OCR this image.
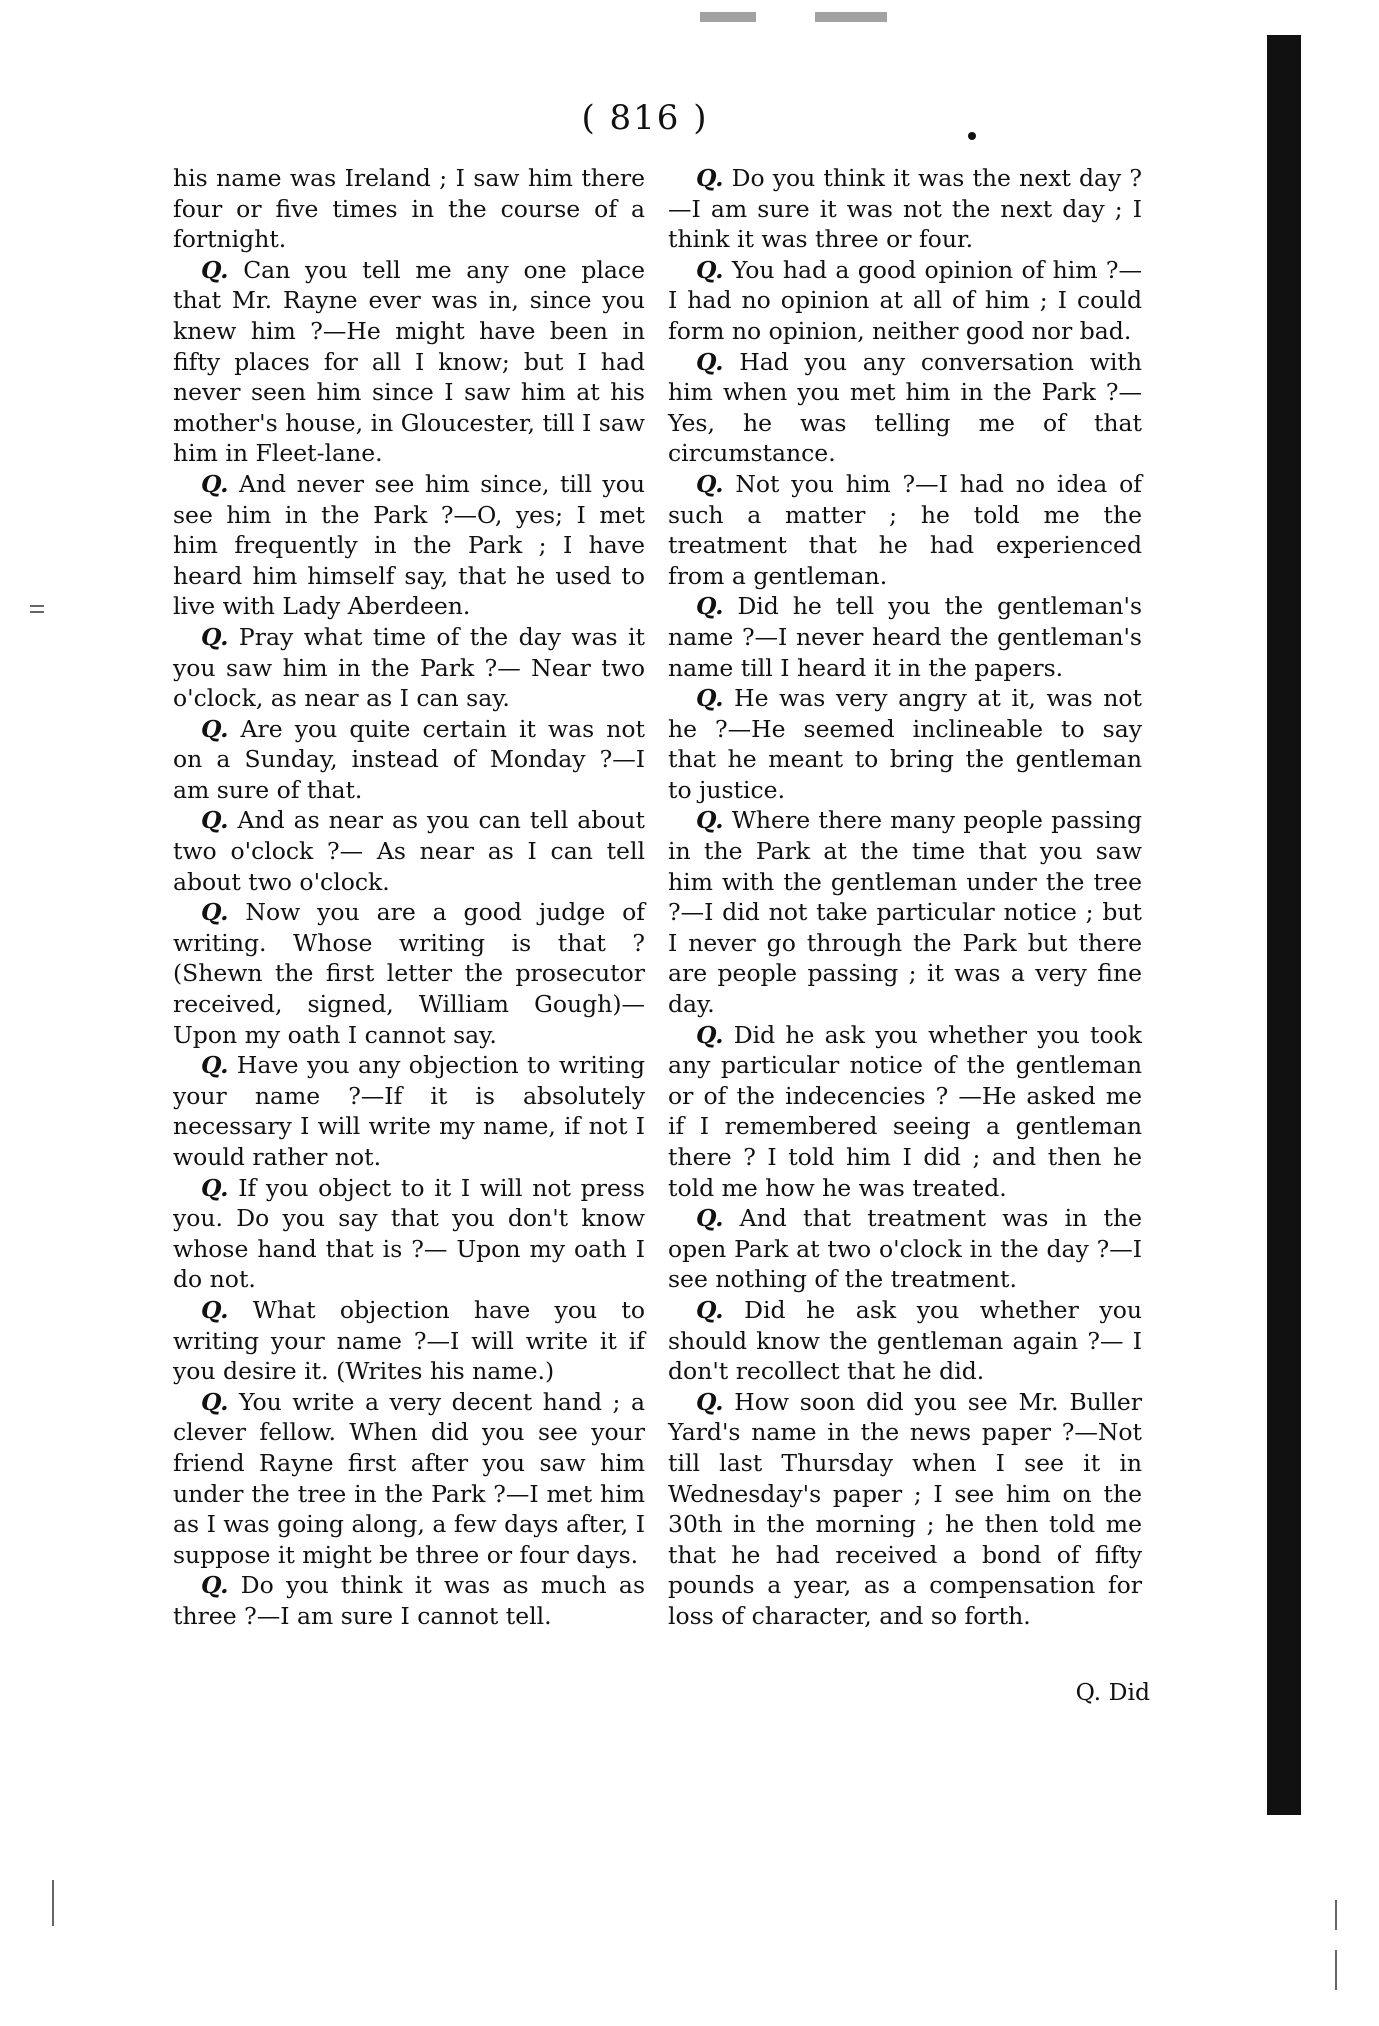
( 816 )

his name was Ireland ; I saw him there four or five times in the course of a fortnight.

Q. Can you tell me any one place that Mr. Rayne ever was in, since you knew him ?—He might have been in fifty places for all I know; but I had never seen him since I saw him at his mother's house, in Gloucester, till I saw him in Fleet-lane.

Q. And never see him since, till you see him in the Park ?—O, yes; I met him frequently in the Park ; I have heard him himself say, that he used to live with Lady Aberdeen.

Q. Pray what time of the day was it you saw him in the Park ?— Near two o'clock, as near as I can say.

Q. Are you quite certain it was not on a Sunday, instead of Monday ?—I am sure of that.

Q. And as near as you can tell about two o'clock ?— As near as I can tell about two o'clock.

Q. Now you are a good judge of writing. Whose writing is that ? (Shewn the first letter the prosecutor received, signed, William Gough)—Upon my oath I cannot say.

Q. Have you any objection to writing your name ?—If it is absolutely necessary I will write my name, if not I would rather not.

Q. If you object to it I will not press you. Do you say that you don't know whose hand that is ?— Upon my oath I do not.

Q. What objection have you to writing your name ?—I will write it if you desire it. (Writes his name.)

Q. You write a very decent hand ; a clever fellow. When did you see your friend Rayne first after you saw him under the tree in the Park ?—I met him as I was going along, a few days after, I suppose it might be three or four days.

Q. Do you think it was as much as three ?—I am sure I cannot tell.

Q. Do you think it was the next day ? —I am sure it was not the next day ; I think it was three or four.

Q. You had a good opinion of him ?— I had no opinion at all of him ; I could form no opinion, neither good nor bad.

Q. Had you any conversation with him when you met him in the Park ?— Yes, he was telling me of that circumstance.

Q. Not you him ?—I had no idea of such a matter ; he told me the treatment that he had experienced from a gentleman.

Q. Did he tell you the gentleman's name ?—I never heard the gentleman's name till I heard it in the papers.

Q. He was very angry at it, was not he ?—He seemed inclineable to say that he meant to bring the gentleman to justice.

Q. Where there many people passing in the Park at the time that you saw him with the gentleman under the tree ?—I did not take particular notice ; but I never go through the Park but there are people passing ; it was a very fine day.

Q. Did he ask you whether you took any particular notice of the gentleman or of the indecencies ? —He asked me if I remembered seeing a gentleman there ? I told him I did ; and then he told me how he was treated.

Q. And that treatment was in the open Park at two o'clock in the day ?—I see nothing of the treatment.

Q. Did he ask you whether you should know the gentleman again ?— I don't recollect that he did.

Q. How soon did you see Mr. Buller Yard's name in the news paper ?—Not till last Thursday when I see it in Wednesday's paper ; I see him on the 30th in the morning ; he then told me that he had received a bond of fifty pounds a year, as a compensation for loss of character, and so forth.

Q. Did
